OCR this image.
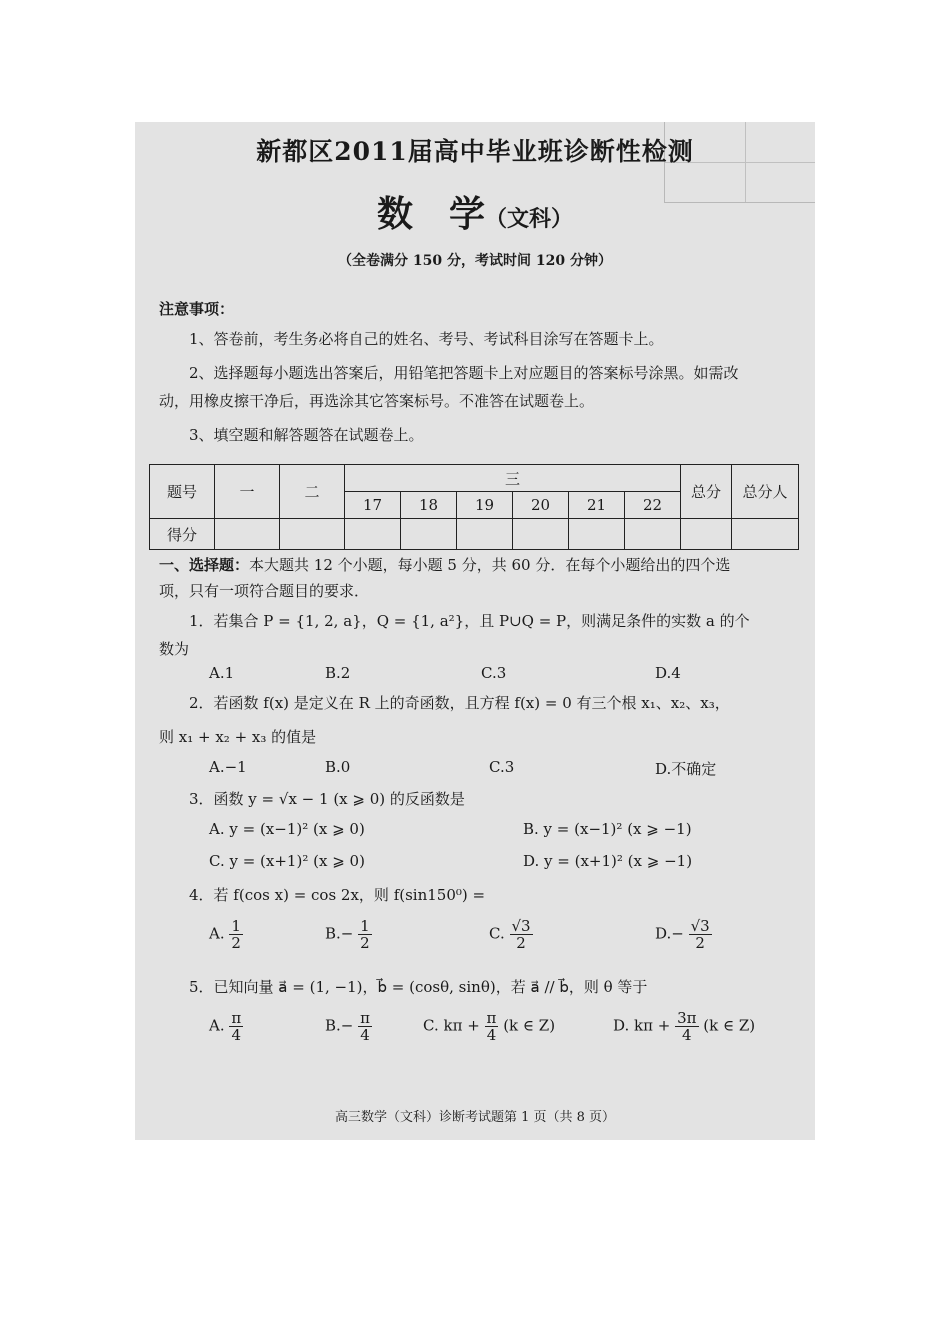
新都区2011届高中毕业班诊断性检测
数　学（文科）
（全卷满分 150 分，考试时间 120 分钟）
注意事项：
1、答卷前，考生务必将自己的姓名、考号、考试科目涂写在答题卡上。
2、选择题每小题选出答案后，用铅笔把答题卡上对应题目的答案标号涂黑。如需改
动，用橡皮擦干净后，再选涂其它答案标号。不准答在试题卷上。
3、填空题和解答题答在试题卷上。
题号	一	二	三						总分	总分人
			17	18	19	20	21	22		
得分										
一、选择题：本大题共 12 个小题，每小题 5 分，共 60 分．在每个小题给出的四个选
项，只有一项符合题目的要求．
1．若集合 P = {1, 2, a}，Q = {1, a²}，且 P∪Q = P，则满足条件的实数 a 的个
数为
A.1	B.2	C.3	D.4
2．若函数 f(x) 是定义在 R 上的奇函数，且方程 f(x) = 0 有三个根 x₁、x₂、x₃，
则 x₁ + x₂ + x₃ 的值是
A.−1	B.0	C.3	D.不确定
3．函数 y = √x − 1 (x ⩾ 0) 的反函数是
A. y = (x−1)² (x ⩾ 0)	B. y = (x−1)² (x ⩾ −1)
C. y = (x+1)² (x ⩾ 0)	D. y = (x+1)² (x ⩾ −1)
4．若 f(cos x) = cos 2x，则 f(sin150⁰) =
A. $\frac{1}{2}$	$B.- \frac{1}{2}$	C. $\frac{√3}{2}$	$D.- \frac{√3}{2}$
5．已知向量 a⃗ = (1, −1)，b⃗ = (cosθ, sinθ)，若 a⃗ // b⃗，则 θ 等于
A. $\frac{\pi}{4}$	$B.- \frac{\pi}{4}$	C. $k\pi + \frac{\pi}{4} (k$ ∈ Z)	D. $k\pi + \frac{3\pi}{4} (k$ ∈ Z)
高三数学（文科）诊断考试题第 1 页（共 8 页）
